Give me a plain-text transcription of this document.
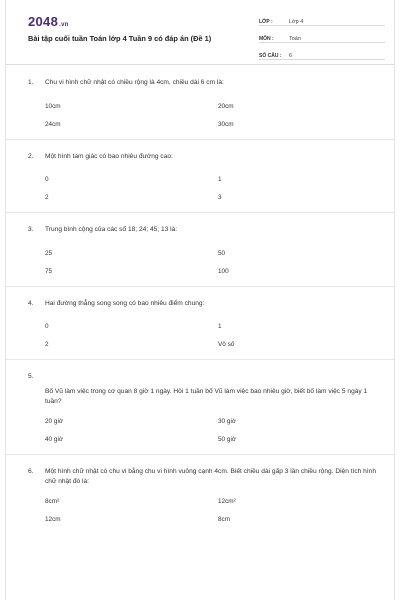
2048.vn
Bài tập cuối tuần Toán lớp 4 Tuần 9 có đáp án (Đề 1)
LỚP :	Lớp 4
MÔN :	Toán
SỐ CÂU :	6
1.	Chu vi hình chữ nhật có chiều rộng là 4cm, chiều dài 6 cm là:
10cm	20cm
24cm	30cm
2.	Một hình tam giác có bao nhiêu đường cao:
0	1
2	3
3.	Trung bình cộng của các số 18; 24; 45; 13 là:
25	50
75	100
4.	Hai đường thẳng song song có bao nhiêu điểm chung:
0	1
2	Vô số
5.
Bố Vũ làm việc trong cơ quan 8 giờ 1 ngày. Hỏi 1 tuần bố Vũ làm việc bao nhiêu giờ, biết bố làm việc 5 ngày 1 tuần?
20 giờ	30 giờ
40 giờ	50 giờ
6.	Một hình chữ nhật có chu vi bằng chu vi hình vuông cạnh 4cm. Biết chiều dài gấp 3 lần chiều rộng. Diện tích hình chữ nhật đó là:
8cm²	12cm²
12cm	8cm
